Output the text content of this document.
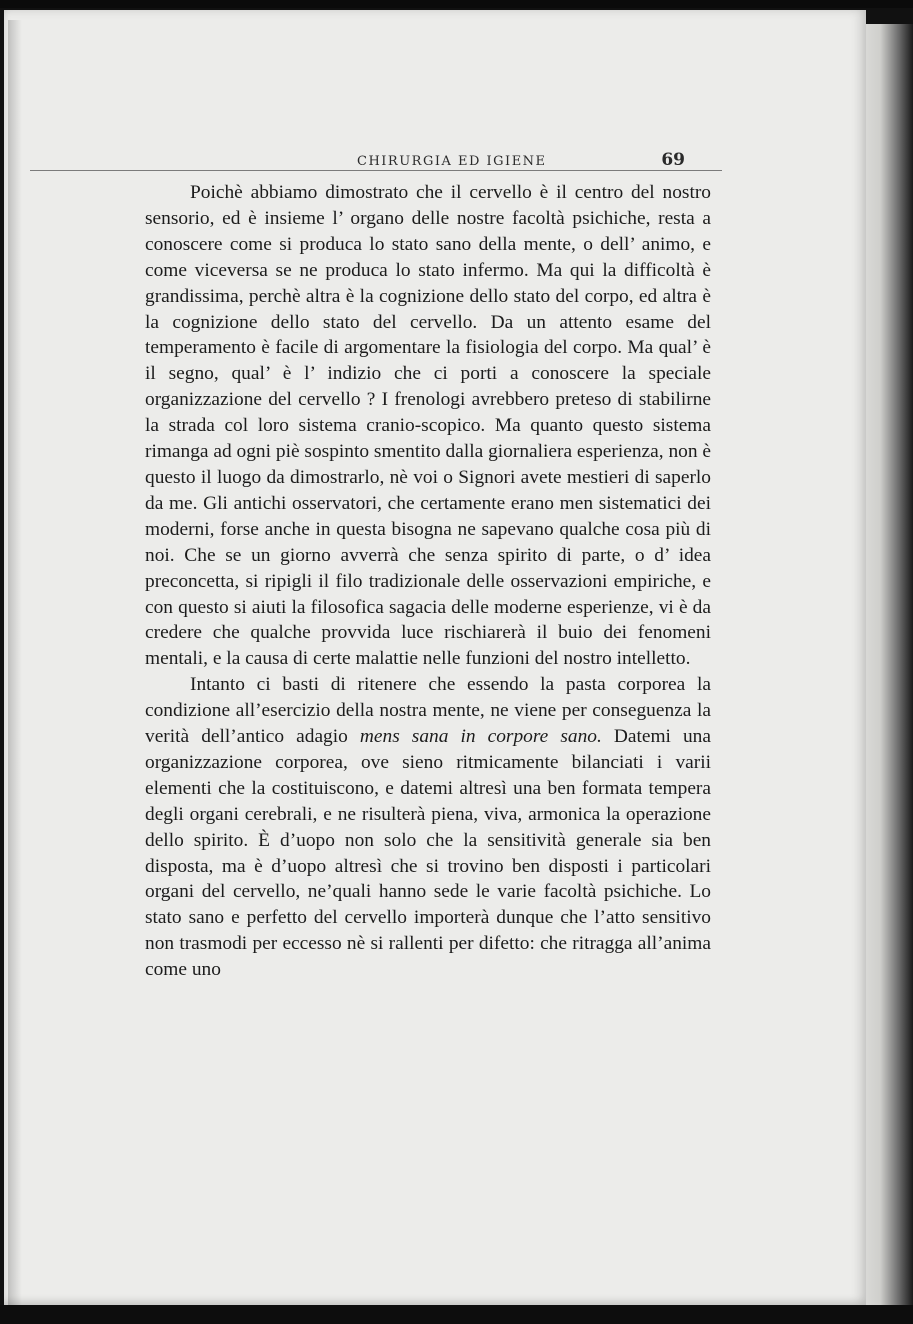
CHIRURGIA ED IGIENE	69

Poichè abbiamo dimostrato che il cervello è il centro del nostro sensorio, ed è insieme l’ organo delle nostre facoltà psichiche, resta a conoscere come si produca lo stato sano della mente, o dell’ animo, e come viceversa se ne produca lo stato infermo. Ma qui la difficoltà è grandissima, perchè altra è la cognizione dello stato del corpo, ed altra è la cognizione dello stato del cervello. Da un attento esame del temperamento è facile di argomentare la fisiologia del corpo. Ma qual’ è il segno, qual’ è l’ indizio che ci porti a conoscere la speciale organizzazione del cervello ? I frenologi avrebbero preteso di stabilirne la strada col loro sistema cranio-scopico. Ma quanto questo sistema rimanga ad ogni piè sospinto smentito dalla giornaliera esperienza, non è questo il luogo da dimostrarlo, nè voi o Signori avete mestieri di saperlo da me. Gli antichi osservatori, che certamente erano men sistematici dei moderni, forse anche in questa bisogna ne sapevano qualche cosa più di noi. Che se un giorno avverrà che senza spirito di parte, o d’ idea preconcetta, si ripigli il filo tradizionale delle osservazioni empiriche, e con questo si aiuti la filosofica sagacia delle moderne esperienze, vi è da credere che qualche provvida luce rischiarerà il buio dei fenomeni mentali, e la causa di certe malattie nelle funzioni del nostro intelletto.

Intanto ci basti di ritenere che essendo la pasta corporea la condizione all’esercizio della nostra mente, ne viene per conseguenza la verità dell’antico adagio mens sana in corpore sano. Datemi una organizzazione corporea, ove sieno ritmicamente bilanciati i varii elementi che la costituiscono, e datemi altresì una ben formata tempera degli organi cerebrali, e ne risulterà piena, viva, armonica la operazione dello spirito. È d’uopo non solo che la sensitività generale sia ben disposta, ma è d’uopo altresì che si trovino ben disposti i particolari organi del cervello, ne’quali hanno sede le varie facoltà psichiche. Lo stato sano e perfetto del cervello importerà dunque che l’atto sensitivo non trasmodi per eccesso nè si rallenti per difetto: che ritragga all’anima come uno
